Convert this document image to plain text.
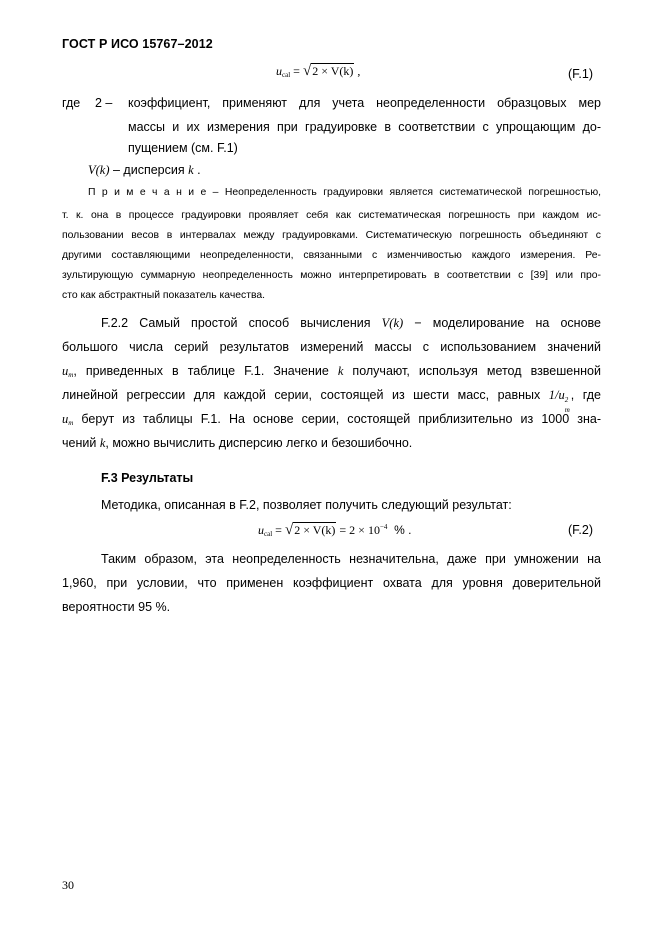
ГОСТ Р ИСО 15767–2012
$u_{cal} = √2 \times V(k)$ ,	(F.1)
где 2 – коэффициент, применяют для учета неопределенности образцовых мер
массы и их измерения при градуировке в соответствии с упрощающим до-
пущением (см. F.1)
V(k) – дисперсия k .
П р и м е ч а н и е – Неопределенность градуировки является систематической погрешностью,
т. к. она в процессе градуировки проявляет себя как систематическая погрешность при каждом ис-
пользовании весов в интервалах между градуировками. Систематическую погрешность объединяют с
другими составляющими неопределенности, связанными с изменчивостью каждого измерения. Ре-
зультирующую суммарную неопределенность можно интерпретировать в соответствии с [39] или про-
сто как абстрактный показатель качества.
F.2.2 Самый простой способ вычисления V(k) − моделирование на основе
большого числа серий результатов измерений массы с использованием значений
$u_m$, приведенных в таблице F.1. Значение k получают, используя метод взвешенной
линейной регрессии для каждой серии, состоящей из шести масс, равных 1/u 2
m
, где
$u_m$ берут из таблицы F.1. На основе серии, состоящей приблизительно из 1000 зна-
чений k, можно вычислить дисперсию легко и безошибочно.
F.3 Результаты
Методика, описанная в F.2, позволяет получить следующий результат:
$u_{cal} = √2 \times V(k) = 2 \times 10^{-4}$  % .	(F.2)
Таким образом, эта неопределенность незначительна, даже при умножении на
1,960, при условии, что применен коэффициент охвата для уровня доверительной
вероятности 95 %.
30
